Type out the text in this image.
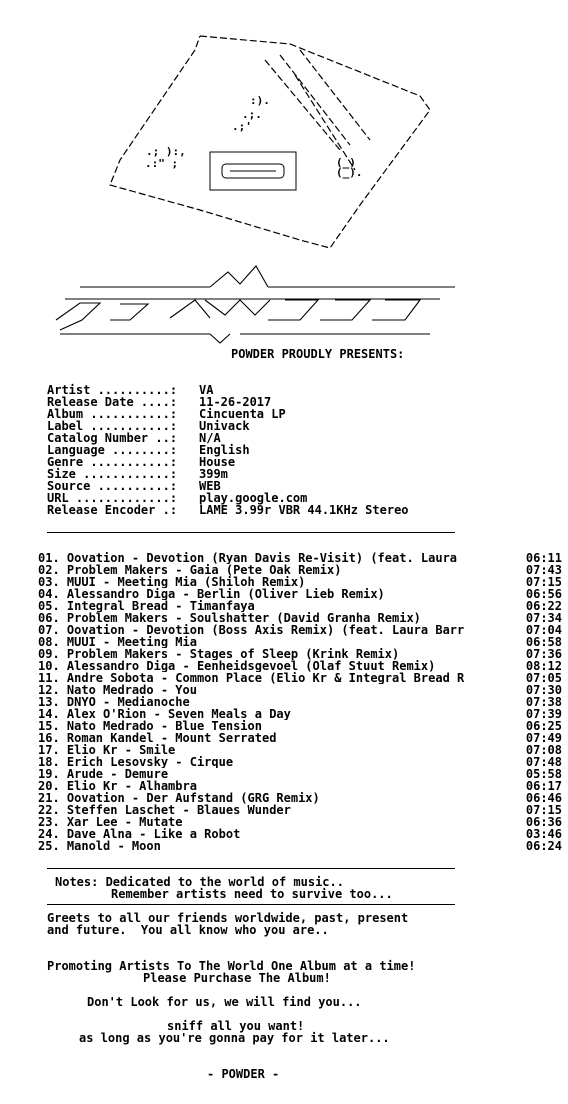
:).
.;.
.;'
.; ):,
.:" ;	(_)
(_).
POWDER PROUDLY PRESENTS:
Artist ..........: VA
Release Date ....: 11-26-2017
Album ...........: Cincuenta LP
Label ...........: Univack
Catalog Number ..: N/A
Language ........: English
Genre ...........: House
Size ............: 399m
Source ..........: WEB
URL .............: play.google.com
Release Encoder .: LAME 3.99r VBR 44.1KHz Stereo
01. Oovation - Devotion (Ryan Davis Re-Visit) (feat. Laura	06:11
02. Problem Makers - Gaia (Pete Oak Remix)	07:43
03. MUUI - Meeting Mia (Shiloh Remix)	07:15
04. Alessandro Diga - Berlin (Oliver Lieb Remix)	06:56
05. Integral Bread - Timanfaya	06:22
06. Problem Makers - Soulshatter (David Granha Remix)	07:34
07. Oovation - Devotion (Boss Axis Remix) (feat. Laura Barr	07:04
08. MUUI - Meeting Mia	06:58
09. Problem Makers - Stages of Sleep (Krink Remix)	07:36
10. Alessandro Diga - Eenheidsgevoel (Olaf Stuut Remix)	08:12
11. Andre Sobota - Common Place (Elio Kr & Integral Bread R	07:05
12. Nato Medrado - You	07:30
13. DNYO - Medianoche	07:38
14. Alex O'Rion - Seven Meals a Day	07:39
15. Nato Medrado - Blue Tension	06:25
16. Roman Kandel - Mount Serrated	07:49
17. Elio Kr - Smile	07:08
18. Erich Lesovsky - Cirque	07:48
19. Arude - Demure	05:58
20. Elio Kr - Alhambra	06:17
21. Oovation - Der Aufstand (GRG Remix)	06:46
22. Steffen Laschet - Blaues Wunder	07:15
23. Xar Lee - Mutate	06:36
24. Dave Alna - Like a Robot	03:46
25. Manold - Moon	06:24
Notes: Dedicated to the world of music..
Remember artists need to survive too...
Greets to all our friends worldwide, past, present
and future.  You all know who you are..
Promoting Artists To The World One Album at a time!
Please Purchase The Album!
Don't Look for us, we will find you...
sniff all you want!
as long as you're gonna pay for it later...
- POWDER -
